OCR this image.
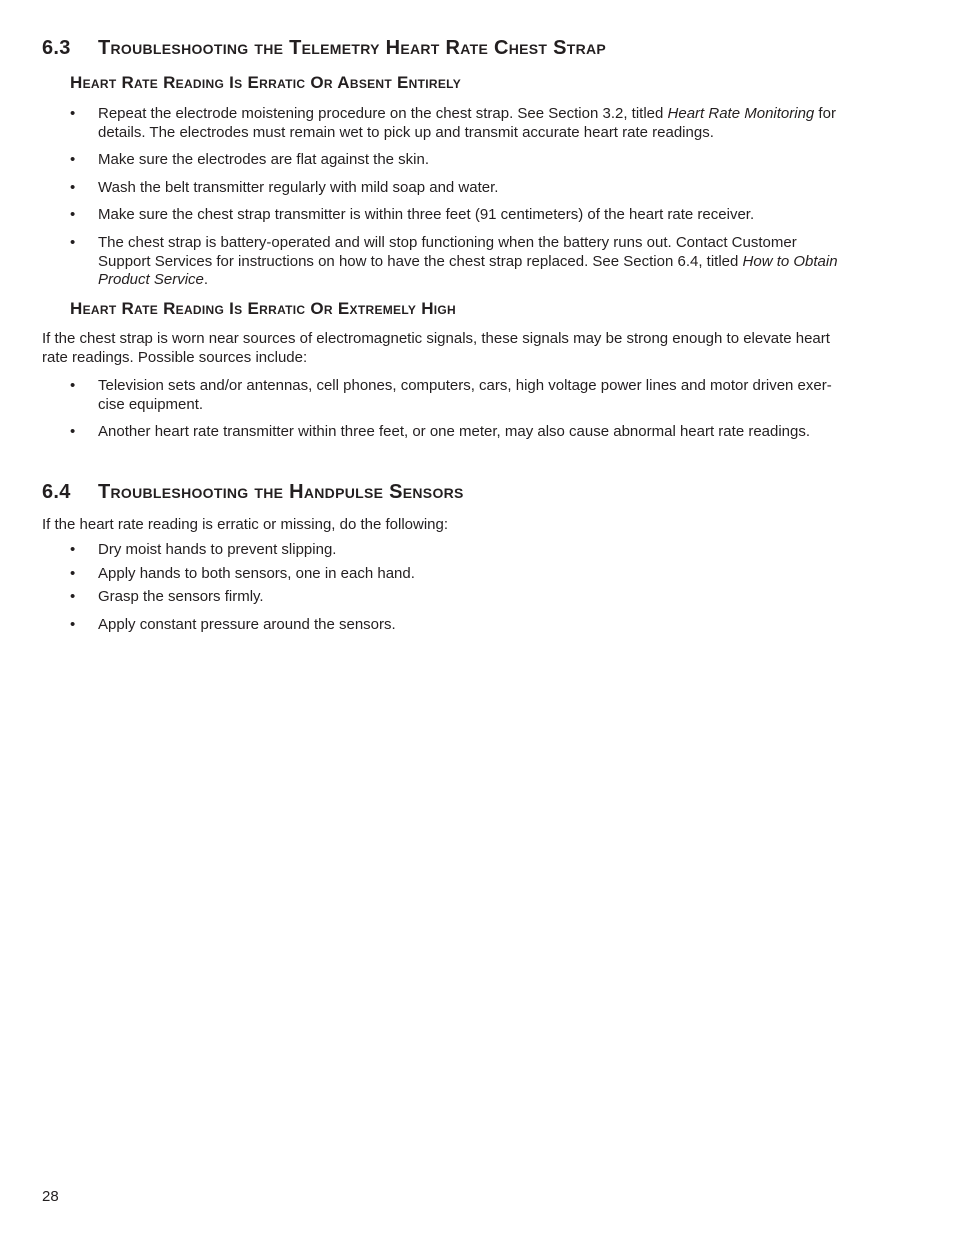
6.3 Troubleshooting the Telemetry Heart Rate Chest Strap
Heart Rate Reading Is Erratic Or Absent Entirely
• Repeat the electrode moistening procedure on the chest strap. See Section 3.2, titled Heart Rate Monitoring for
details. The electrodes must remain wet to pick up and transmit accurate heart rate readings.
• Make sure the electrodes are flat against the skin.
• Wash the belt transmitter regularly with mild soap and water.
• Make sure the chest strap transmitter is within three feet (91 centimeters) of the heart rate receiver.
• The chest strap is battery-operated and will stop functioning when the battery runs out. Contact Customer
Support Services for instructions on how to have the chest strap replaced. See Section 6.4, titled How to Obtain
Product Service.
Heart Rate Reading Is Erratic Or Extremely High
If the chest strap is worn near sources of electromagnetic signals, these signals may be strong enough to elevate heart
rate readings. Possible sources include:
• Television sets and/or antennas, cell phones, computers, cars, high voltage power lines and motor driven exer-
cise equipment.
• Another heart rate transmitter within three feet, or one meter, may also cause abnormal heart rate readings.
6.4 Troubleshooting the Handpulse Sensors
If the heart rate reading is erratic or missing, do the following:
• Dry moist hands to prevent slipping.
• Apply hands to both sensors, one in each hand.
• Grasp the sensors firmly.
• Apply constant pressure around the sensors.
28
